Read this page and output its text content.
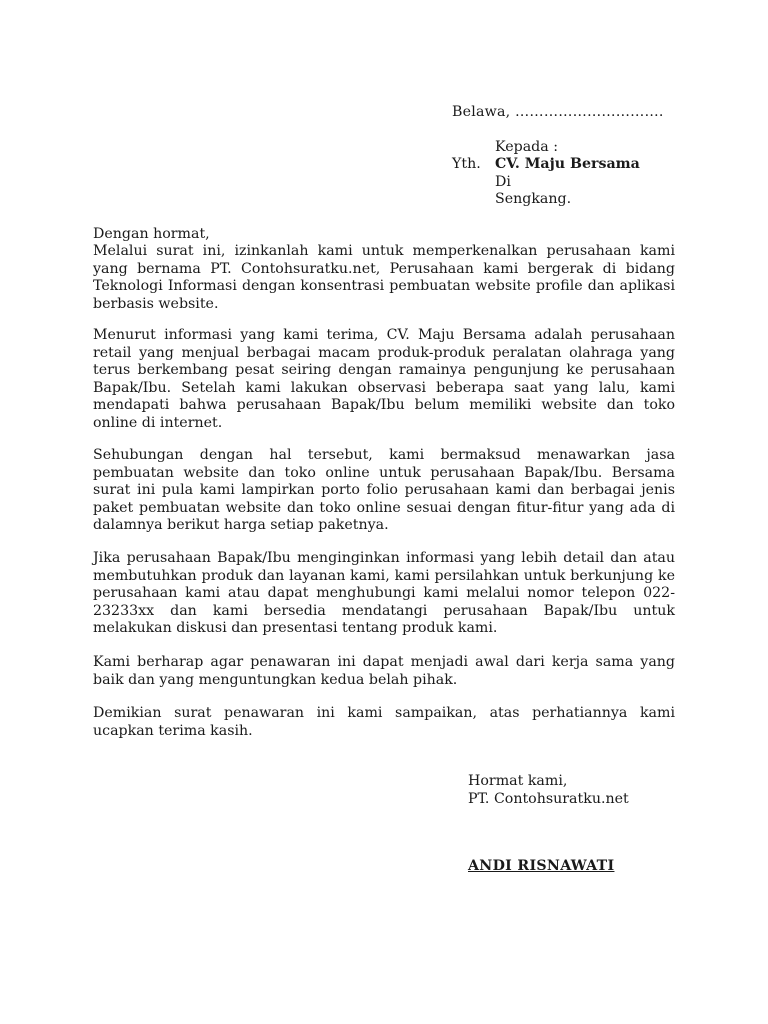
Belawa, ………………………….
Kepada :
Yth. CV. Maju Bersama
Di
Sengkang.
Dengan hormat,
Melalui surat ini, izinkanlah kami untuk memperkenalkan perusahaan kami yang bernama PT. Contohsuratku.net, Perusahaan kami bergerak di bidang Teknologi Informasi dengan konsentrasi pembuatan website profile dan aplikasi berbasis website.
Menurut informasi yang kami terima, CV. Maju Bersama adalah perusahaan retail yang menjual berbagai macam produk-produk peralatan olahraga yang terus berkembang pesat seiring dengan ramainya pengunjung ke perusahaan Bapak/Ibu. Setelah kami lakukan observasi beberapa saat yang lalu, kami mendapati bahwa perusahaan Bapak/Ibu belum memiliki website dan toko online di internet.
Sehubungan dengan hal tersebut, kami bermaksud menawarkan jasa pembuatan website dan toko online untuk perusahaan Bapak/Ibu. Bersama surat ini pula kami lampirkan porto folio perusahaan kami dan berbagai jenis paket pembuatan website dan toko online sesuai dengan fitur-fitur yang ada di dalamnya berikut harga setiap paketnya.
Jika perusahaan Bapak/Ibu menginginkan informasi yang lebih detail dan atau membutuhkan produk dan layanan kami, kami persilahkan untuk berkunjung ke perusahaan kami atau dapat menghubungi kami melalui nomor telepon 022-23233xx dan kami bersedia mendatangi perusahaan Bapak/Ibu untuk melakukan diskusi dan presentasi tentang produk kami.
Kami berharap agar penawaran ini dapat menjadi awal dari kerja sama yang baik dan yang menguntungkan kedua belah pihak.
Demikian surat penawaran ini kami sampaikan, atas perhatiannya kami ucapkan terima kasih.
Hormat kami,
PT. Contohsuratku.net
ANDI RISNAWATI
